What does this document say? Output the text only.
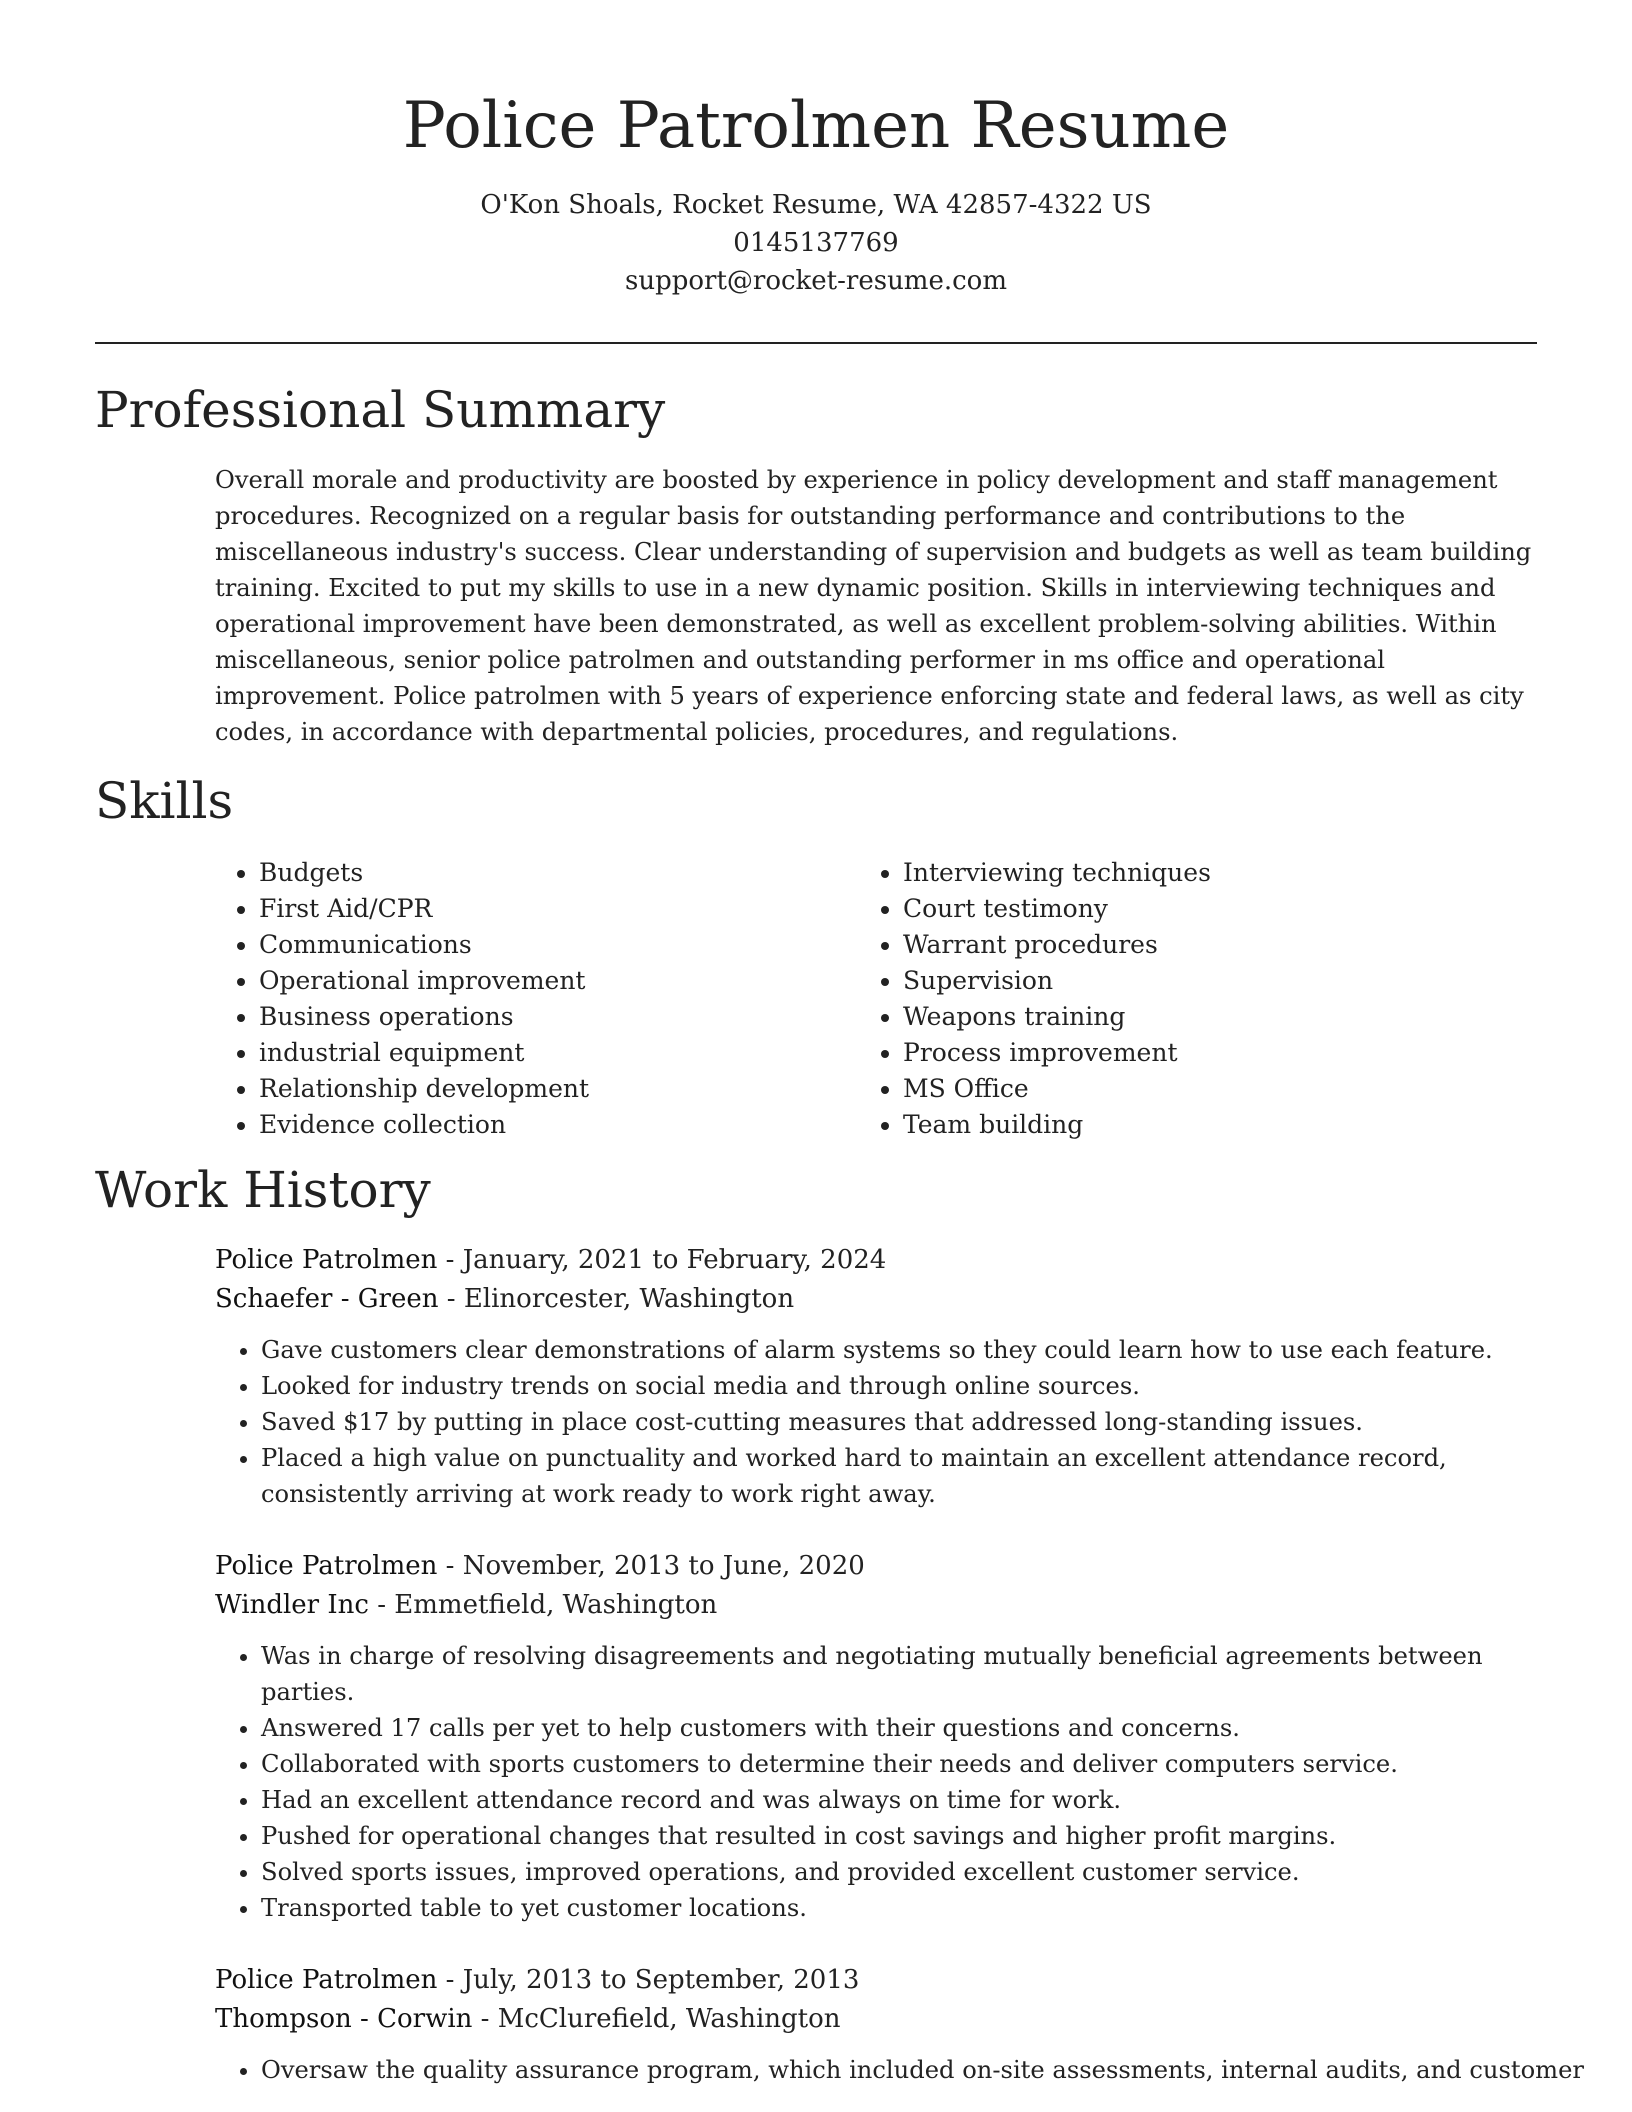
Police Patrolmen Resume

O'Kon Shoals, Rocket Resume, WA 42857-4322 US

0145137769

support@rocket-resume.com

Professional Summary

Overall morale and productivity are boosted by experience in policy development and staff management procedures. Recognized on a regular basis for outstanding performance and contributions to the miscellaneous industry's success. Clear understanding of supervision and budgets as well as team building training. Excited to put my skills to use in a new dynamic position. Skills in interviewing techniques and operational improvement have been demonstrated, as well as excellent problem-solving abilities. Within miscellaneous, senior police patrolmen and outstanding performer in ms office and operational improvement. Police patrolmen with 5 years of experience enforcing state and federal laws, as well as city codes, in accordance with departmental policies, procedures, and regulations.

Skills
• Budgets
• First Aid/CPR
• Communications
• Operational improvement
• Business operations
• industrial equipment
• Relationship development
• Evidence collection
• Interviewing techniques
• Court testimony
• Warrant procedures
• Supervision
• Weapons training
• Process improvement
• MS Office
• Team building
Work History

Police Patrolmen - January, 2021 to February, 2024

Schaefer - Green - Elinorcester, Washington

• Gave customers clear demonstrations of alarm systems so they could learn how to use each feature.
• Looked for industry trends on social media and through online sources.
• Saved $17 by putting in place cost-cutting measures that addressed long-standing issues.
• Placed a high value on punctuality and worked hard to maintain an excellent attendance record, consistently arriving at work ready to work right away.

Police Patrolmen - November, 2013 to June, 2020

Windler Inc - Emmetfield, Washington

• Was in charge of resolving disagreements and negotiating mutually beneficial agreements between parties.
• Answered 17 calls per yet to help customers with their questions and concerns.
• Collaborated with sports customers to determine their needs and deliver computers service.
• Had an excellent attendance record and was always on time for work.
• Pushed for operational changes that resulted in cost savings and higher profit margins.
• Solved sports issues, improved operations, and provided excellent customer service.
• Transported table to yet customer locations.

Police Patrolmen - July, 2013 to September, 2013

Thompson - Corwin - McClurefield, Washington

• Oversaw the quality assurance program, which included on-site assessments, internal audits, and customer
